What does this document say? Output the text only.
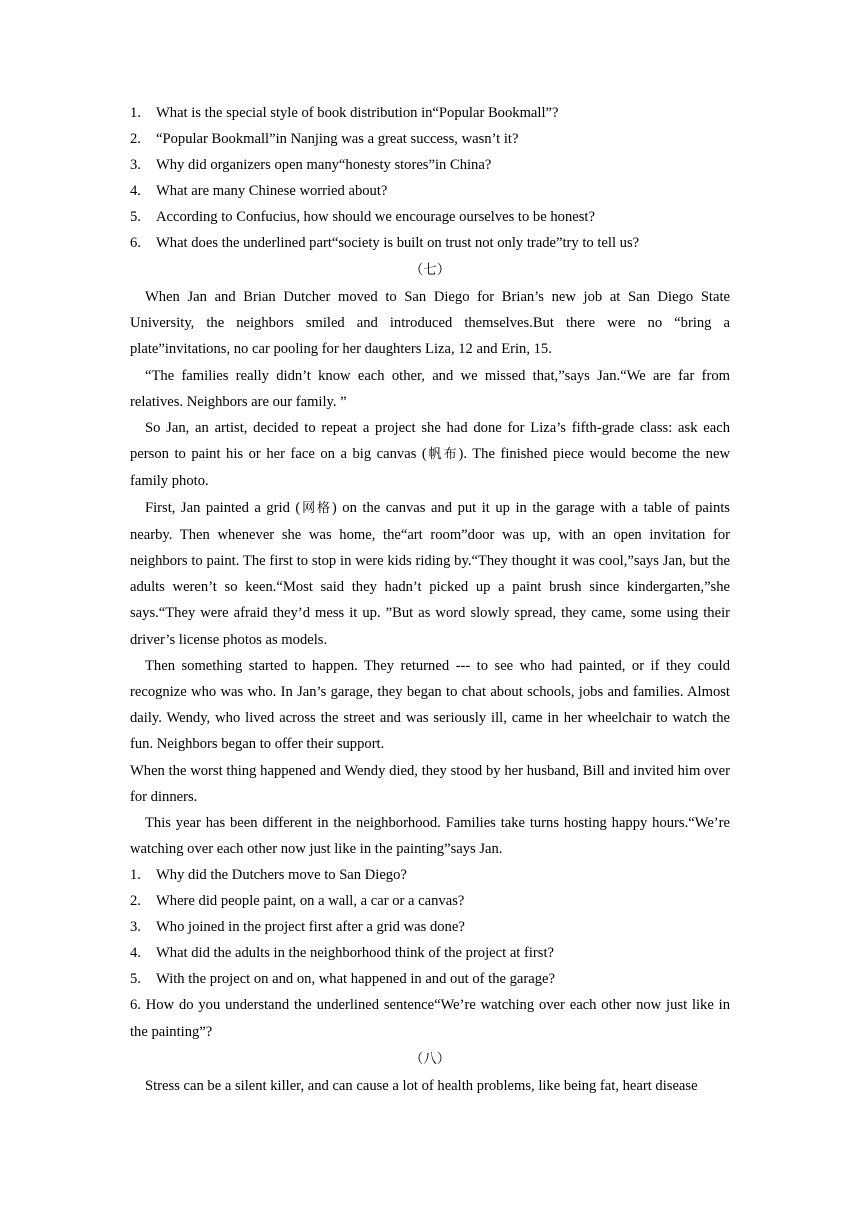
1.	What is the special style of book distribution in“Popular Bookmall”?
2.	“Popular Bookmall”in Nanjing was a great success, wasn’t it?
3.	Why did organizers open many“honesty stores”in China?
4.	What are many Chinese worried about?
5.	According to Confucius, how should we encourage ourselves to be honest?
6.	What does the underlined part“society is built on trust not only trade”try to tell us?
（七）

When Jan and Brian Dutcher moved to San Diego for Brian’s new job at San Diego State University, the neighbors smiled and introduced themselves.But there were no “bring a plate”invitations, no car pooling for her daughters Liza, 12 and Erin, 15.

“The families really didn’t know each other, and we missed that,”says Jan.“We are far from relatives. Neighbors are our family. ”

So Jan, an artist, decided to repeat a project she had done for Liza’s fifth-grade class: ask each person to paint his or her face on a big canvas (帆布). The finished piece would become the new family photo.

First, Jan painted a grid (网格) on the canvas and put it up in the garage with a table of paints nearby. Then whenever she was home, the“art room”door was up, with an open invitation for neighbors to paint. The first to stop in were kids riding by.“They thought it was cool,”says Jan, but the adults weren’t so keen.“Most said they hadn’t picked up a paint brush since kindergarten,”she says.“They were afraid they’d mess it up. ”But as word slowly spread, they came, some using their driver’s license photos as models.

Then something started to happen. They returned --- to see who had painted, or if they could recognize who was who. In Jan’s garage, they began to chat about schools, jobs and families. Almost daily. Wendy, who lived across the street and was seriously ill, came in her wheelchair to watch the fun. Neighbors began to offer their support.

When the worst thing happened and Wendy died, they stood by her husband, Bill and invited him over for dinners.

This year has been different in the neighborhood. Families take turns hosting happy hours.“We’re watching over each other now just like in the painting”says Jan.

1.	Why did the Dutchers move to San Diego?
2.	Where did people paint, on a wall, a car or a canvas?
3.	Who joined in the project first after a grid was done?
4.	What did the adults in the neighborhood think of the project at first?
5.	With the project on and on, what happened in and out of the garage?

6. How do you understand the underlined sentence“We’re watching over each other now just like in the painting”?

（八）

Stress can be a silent killer, and can cause a lot of health problems, like being fat, heart disease
